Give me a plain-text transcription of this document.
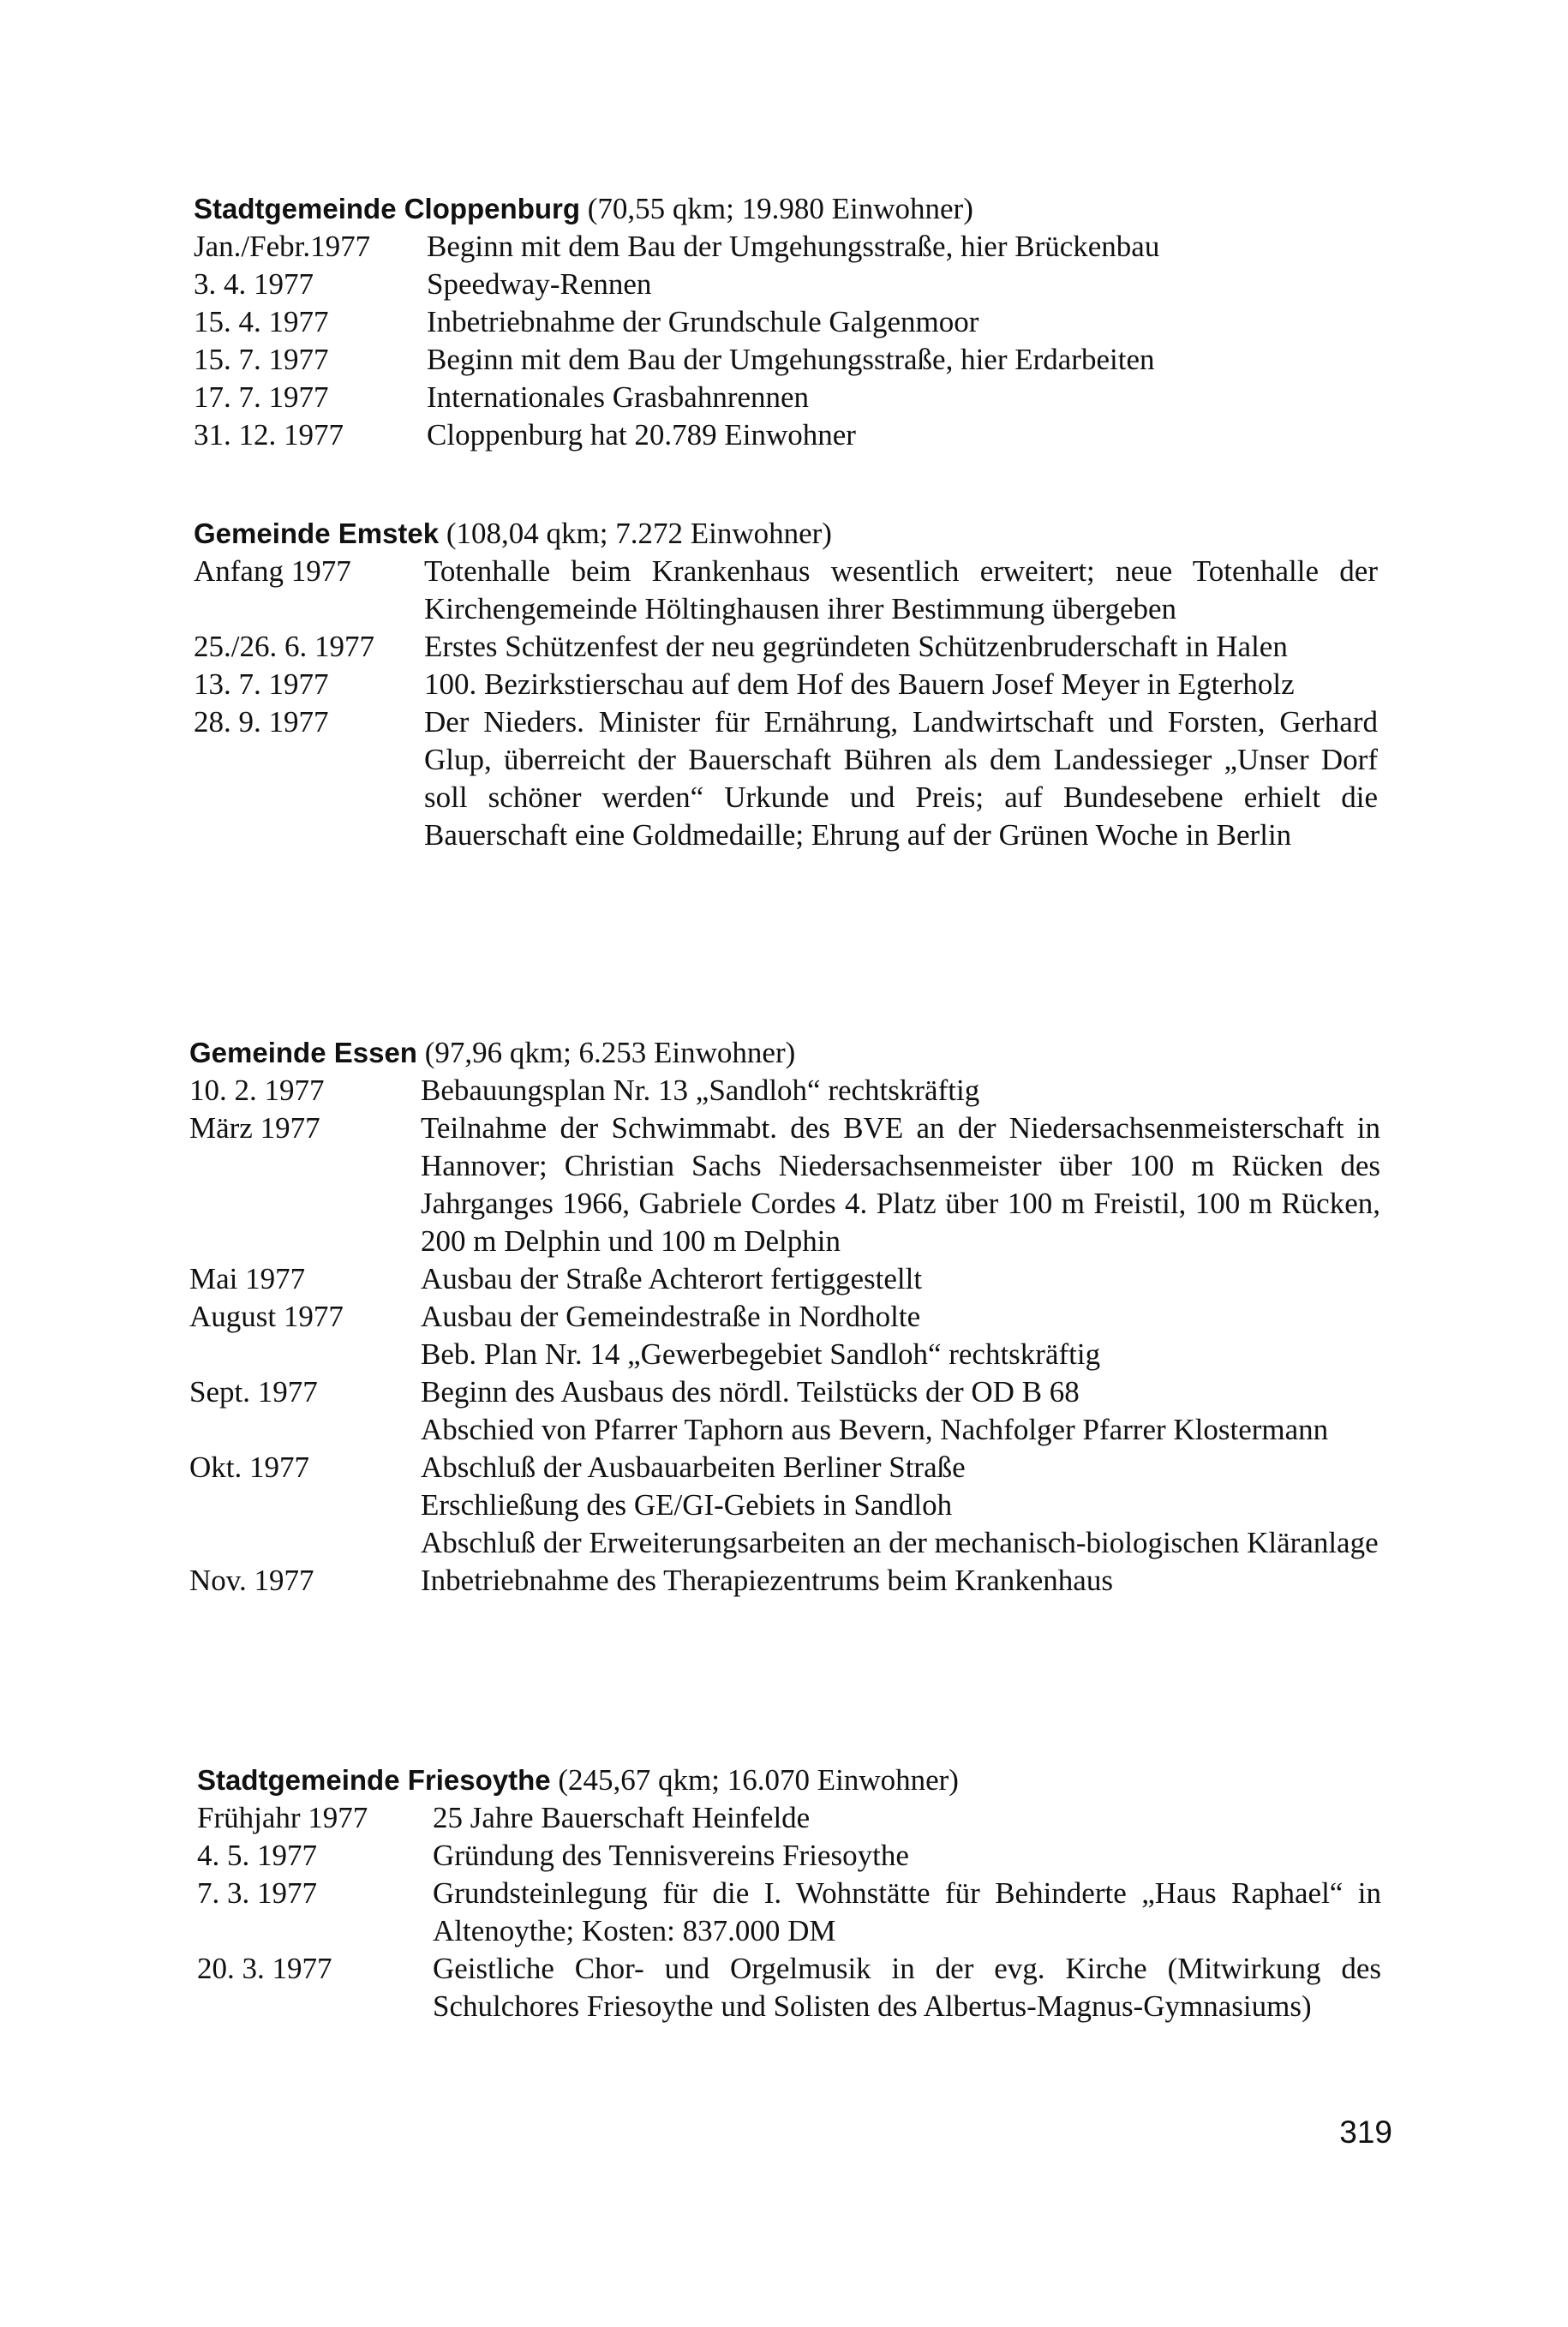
Stadtgemeinde Cloppenburg (70,55 qkm; 19.980 Einwohner)
Jan./Febr.1977	Beginn mit dem Bau der Umgehungsstraße, hier Brückenbau

3. 4. 1977	Speedway-Rennen

15. 4. 1977	Inbetriebnahme der Grundschule Galgenmoor

15. 7. 1977	Beginn mit dem Bau der Umgehungsstraße, hier Erdarbeiten

17. 7. 1977	Internationales Grasbahnrennen

31. 12. 1977	Cloppenburg hat 20.789 Einwohner

Gemeinde Emstek (108,04 qkm; 7.272 Einwohner)
Anfang 1977	Totenhalle beim Krankenhaus wesentlich erweitert; neue Totenhalle der Kirchengemeinde Höltinghausen ihrer Bestimmung übergeben

25./26. 6. 1977	Erstes Schützenfest der neu gegründeten Schützenbruderschaft in Halen

13. 7. 1977	100. Bezirkstierschau auf dem Hof des Bauern Josef Meyer in Egterholz

28. 9. 1977	Der Nieders. Minister für Ernährung, Landwirtschaft und Forsten, Gerhard Glup, überreicht der Bauerschaft Bühren als dem Landessieger „Unser Dorf soll schöner werden“ Urkunde und Preis; auf Bundesebene erhielt die Bauerschaft eine Goldmedaille; Ehrung auf der Grünen Woche in Berlin

Gemeinde Essen (97,96 qkm; 6.253 Einwohner)
10. 2. 1977	Bebauungsplan Nr. 13 „Sandloh“ rechtskräftig

März 1977	Teilnahme der Schwimmabt. des BVE an der Niedersachsenmeisterschaft in Hannover; Christian Sachs Niedersachsenmeister über 100 m Rücken des Jahrganges 1966, Gabriele Cordes 4. Platz über 100 m Freistil, 100 m Rücken, 200 m Delphin und 100 m Delphin

Mai 1977	Ausbau der Straße Achterort fertiggestellt

August 1977	Ausbau der Gemeindestraße in Nordholte

Beb. Plan Nr. 14 „Gewerbegebiet Sandloh“ rechtskräftig

Sept. 1977	Beginn des Ausbaus des nördl. Teilstücks der OD B 68

Abschied von Pfarrer Taphorn aus Bevern, Nachfolger Pfarrer Klostermann

Okt. 1977	Abschluß der Ausbauarbeiten Berliner Straße

Erschließung des GE/GI-Gebiets in Sandloh

Abschluß der Erweiterungsarbeiten an der mechanisch-biologischen Kläranlage

Nov. 1977	Inbetriebnahme des Therapiezentrums beim Krankenhaus

Stadtgemeinde Friesoythe (245,67 qkm; 16.070 Einwohner)
Frühjahr 1977	25 Jahre Bauerschaft Heinfelde

4. 5. 1977	Gründung des Tennisvereins Friesoythe

7. 3. 1977	Grundsteinlegung für die I. Wohnstätte für Behinderte „Haus Raphael“ in Altenoythe; Kosten: 837.000 DM

20. 3. 1977	Geistliche Chor- und Orgelmusik in der evg. Kirche (Mitwirkung des Schulchores Friesoythe und Solisten des Albertus-Magnus-Gymnasiums)

319
